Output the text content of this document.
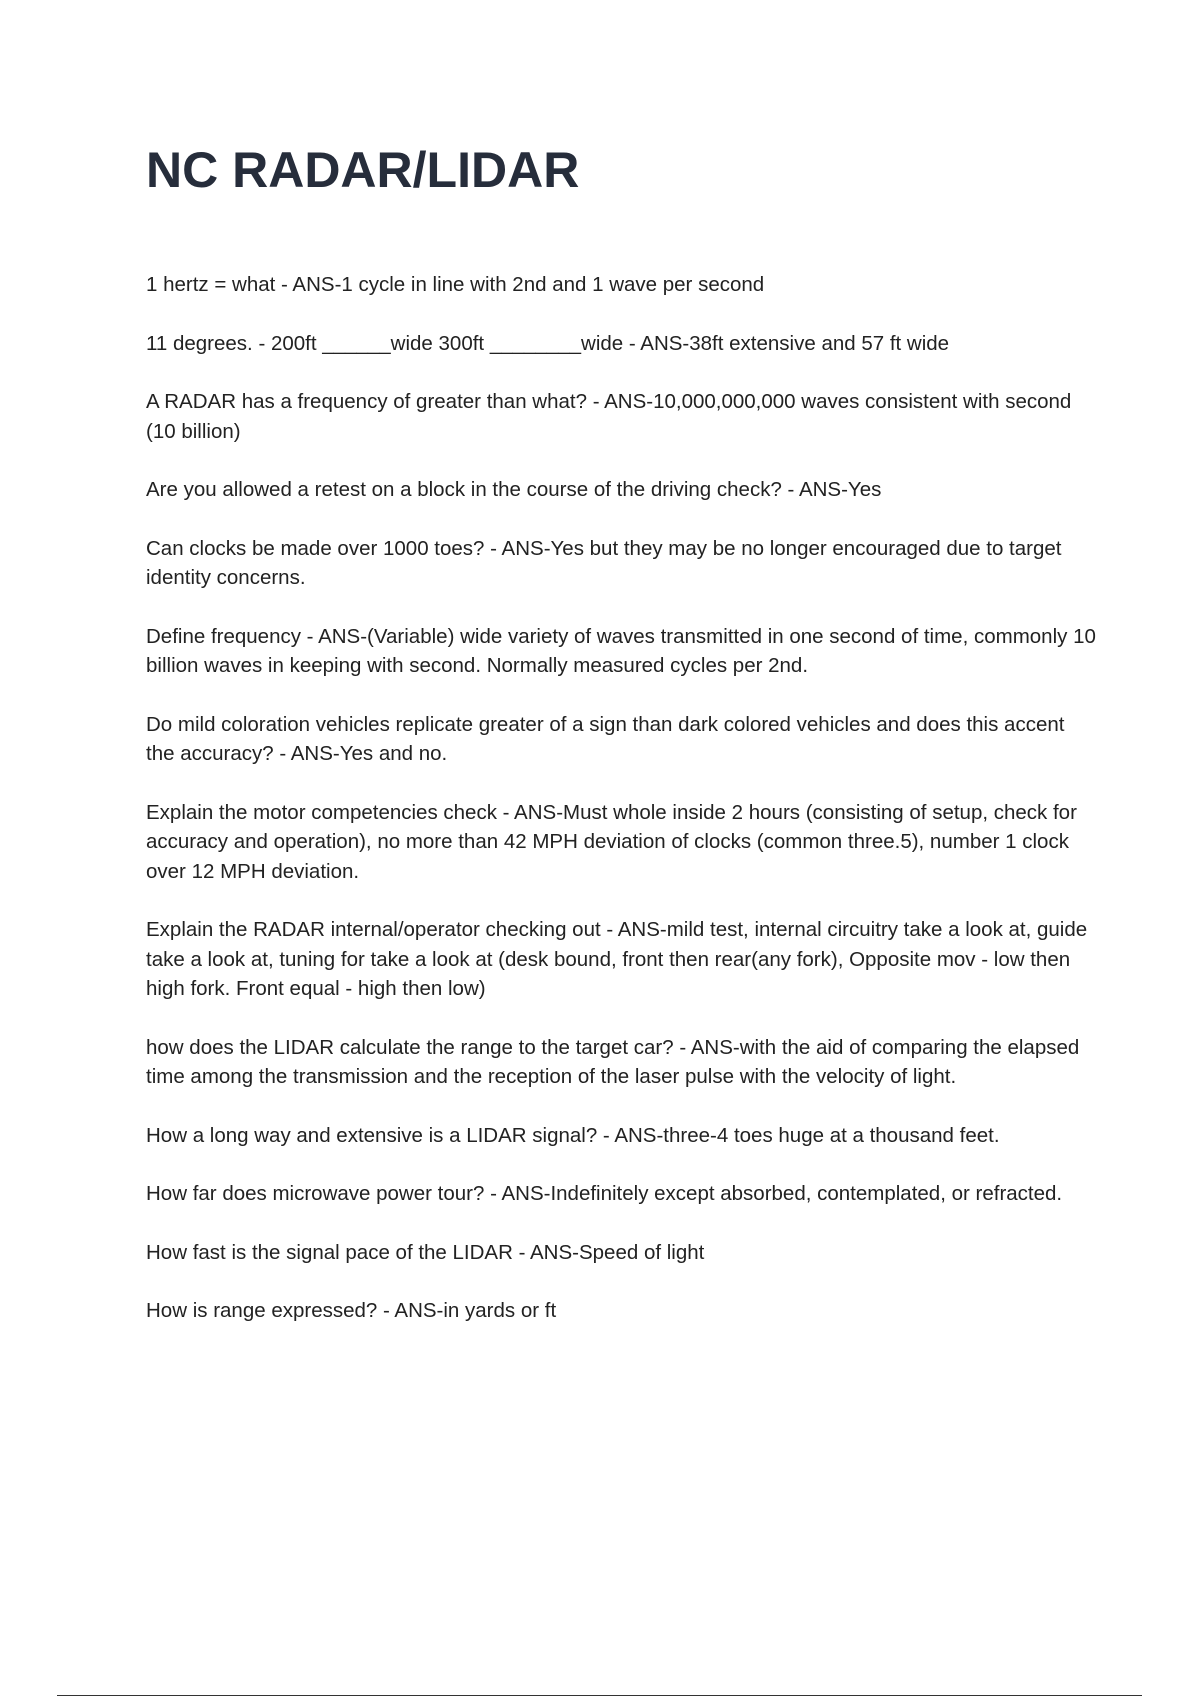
NC RADAR/LIDAR
1 hertz = what - ANS-1 cycle in line with 2nd and 1 wave per second
11 degrees. - 200ft ______wide 300ft ________wide - ANS-38ft extensive and 57 ft wide
A RADAR has a frequency of greater than what? - ANS-10,000,000,000 waves consistent with second (10 billion)
Are you allowed a retest on a block in the course of the driving check? - ANS-Yes
Can clocks be made over 1000 toes? - ANS-Yes but they may be no longer encouraged due to target identity concerns.
Define frequency - ANS-(Variable) wide variety of waves transmitted in one second of time, commonly 10 billion waves in keeping with second. Normally measured cycles per 2nd.
Do mild coloration vehicles replicate greater of a sign than dark colored vehicles and does this accent the accuracy? - ANS-Yes and no.
Explain the motor competencies check - ANS-Must whole inside 2 hours (consisting of setup, check for accuracy and operation), no more than 42 MPH deviation of clocks (common three.5), number 1 clock over 12 MPH deviation.
Explain the RADAR internal/operator checking out - ANS-mild test, internal circuitry take a look at, guide take a look at, tuning for take a look at (desk bound, front then rear(any fork), Opposite mov - low then high fork. Front equal - high then low)
how does the LIDAR calculate the range to the target car? - ANS-with the aid of comparing the elapsed time among the transmission and the reception of the laser pulse with the velocity of light.
How a long way and extensive is a LIDAR signal? - ANS-three-4 toes huge at a thousand feet.
How far does microwave power tour? - ANS-Indefinitely except absorbed, contemplated, or refracted.
How fast is the signal pace of the LIDAR - ANS-Speed of light
How is range expressed? - ANS-in yards or ft
